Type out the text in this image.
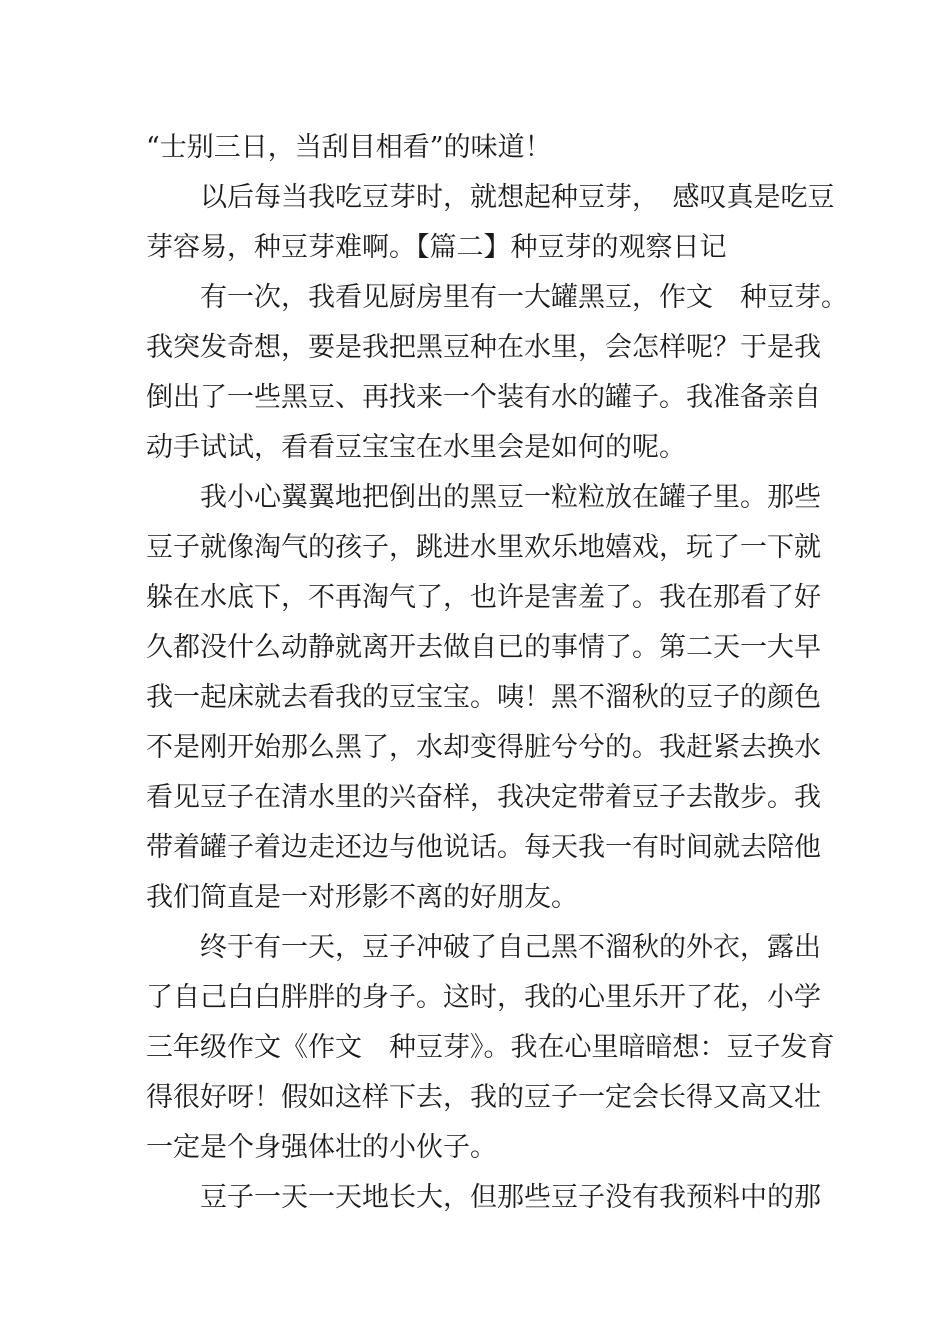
“士别三日，当刮目相看”的味道！
　　以后每当我吃豆芽时，就想起种豆芽，　感叹真是吃豆
芽容易，种豆芽难啊。【篇二】种豆芽的观察日记
　　有一次，我看见厨房里有一大罐黑豆，作文　种豆芽。
我突发奇想，要是我把黑豆种在水里，会怎样呢？于是我
倒出了一些黑豆、再找来一个装有水的罐子。我准备亲自
动手试试，看看豆宝宝在水里会是如何的呢。
　　我小心翼翼地把倒出的黑豆一粒粒放在罐子里。那些
豆子就像淘气的孩子，跳进水里欢乐地嬉戏，玩了一下就
躲在水底下，不再淘气了，也许是害羞了。我在那看了好
久都没什么动静就离开去做自已的事情了。第二天一大早
我一起床就去看我的豆宝宝。咦！黑不溜秋的豆子的颜色
不是刚开始那么黑了，水却变得脏兮兮的。我赶紧去换水
看见豆子在清水里的兴奋样，我决定带着豆子去散步。我
带着罐子着边走还边与他说话。每天我一有时间就去陪他
我们简直是一对形影不离的好朋友。
　　终于有一天，豆子冲破了自己黑不溜秋的外衣，露出
了自己白白胖胖的身子。这时，我的心里乐开了花，小学
三年级作文《作文　种豆芽》。我在心里暗暗想：豆子发育
得很好呀！假如这样下去，我的豆子一定会长得又高又壮
一定是个身强体壮的小伙子。
　　豆子一天一天地长大，但那些豆子没有我预料中的那
